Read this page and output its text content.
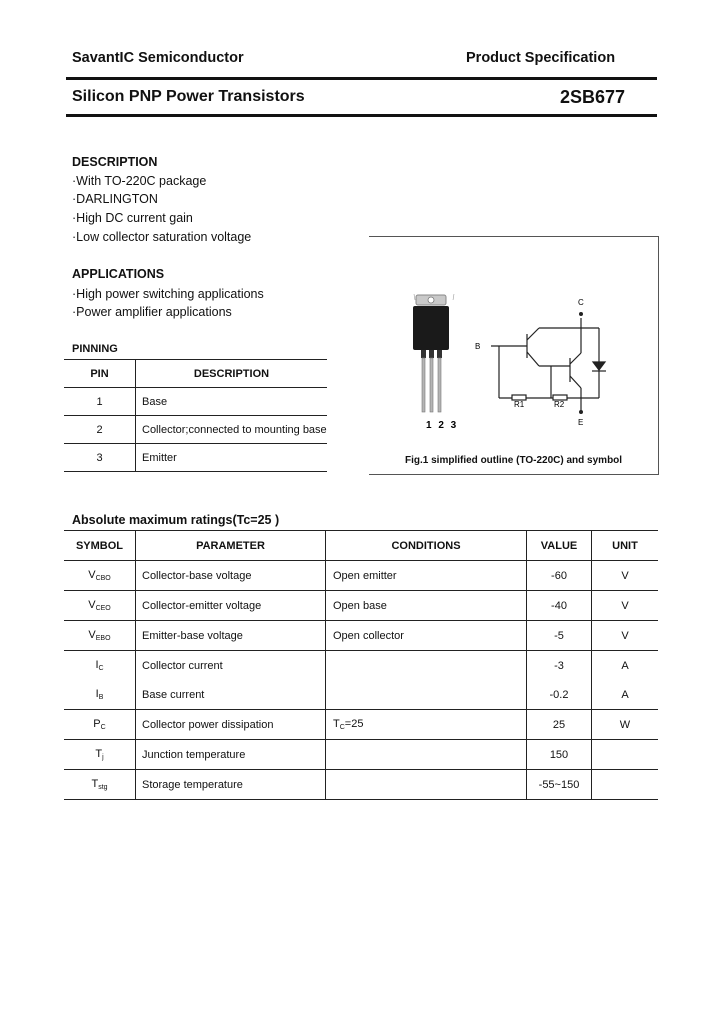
SavantIC Semiconductor	Product Specification
Silicon PNP Power Transistors	2SB677
DESCRIPTION
·With TO-220C package
·DARLINGTON
·High DC current gain
·Low collector saturation voltage
APPLICATIONS
·High power switching applications
·Power amplifier applications
PINNING
PIN	DESCRIPTION
1	Base
2	Collector;connected to mounting base
3	Emitter
1 2 3
C
B
E
R1	R2
Fig.1 simplified outline (TO-220C) and symbol
Absolute maximum ratings(Tc=25 )
SYMBOL	PARAMETER	CONDITIONS	VALUE	UNIT
$V_{CBO}$	Collector-base voltage	Open emitter	-60	V
$V_{CEO}$	Collector-emitter voltage	Open base	-40	V
$V_{EBO}$	Emitter-base voltage	Open collector	-5	V
$I_C$	Collector current		-3	A
$I_B$	Base current		-0.2	A
$P_C$	Collector power dissipation	$T_C=25$	25	W
$T_j$	Junction temperature		150	
$T_{stg}$	Storage temperature		-55~150	
